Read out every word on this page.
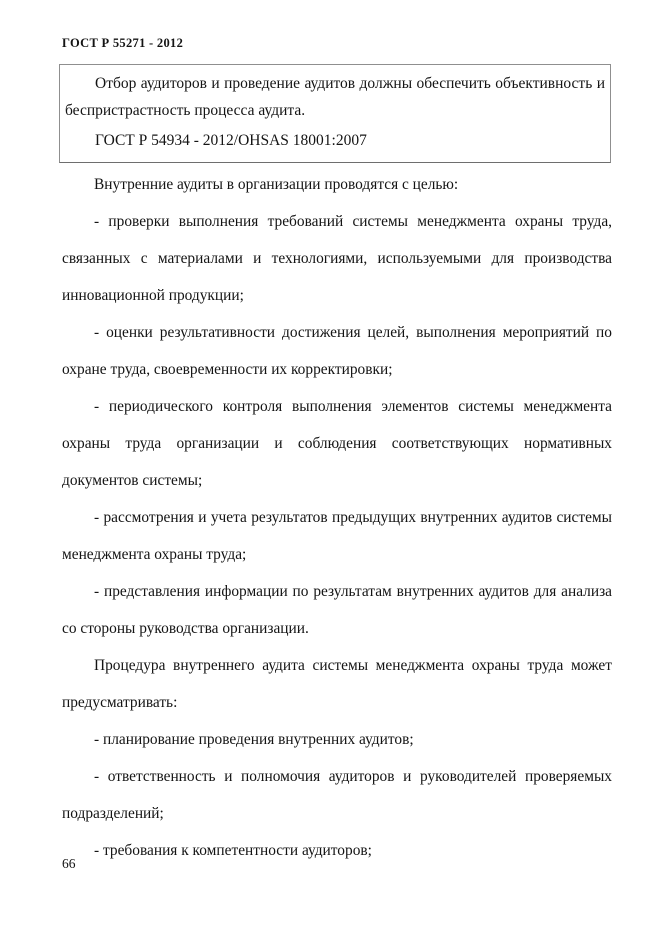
ГОСТ Р 55271 - 2012

Отбор аудиторов и проведение аудитов должны обеспечить объективность и беспристрастность процесса аудита.

ГОСТ Р 54934 - 2012/OHSAS 18001:2007

Внутренние аудиты в организации проводятся с целью:

- проверки выполнения требований системы менеджмента охраны труда, связанных с материалами и технологиями, используемыми для производства инновационной продукции;

- оценки результативности достижения целей, выполнения мероприятий по охране труда, своевременности их корректировки;

- периодического контроля выполнения элементов системы менеджмента охраны труда организации и соблюдения соответствующих нормативных документов системы;

- рассмотрения и учета результатов предыдущих внутренних аудитов системы менеджмента охраны труда;

- представления информации по результатам внутренних аудитов для анализа со стороны руководства организации.

Процедура внутреннего аудита системы менеджмента охраны труда может предусматривать:

- планирование проведения внутренних аудитов;

- ответственность и полномочия аудиторов и руководителей проверяемых подразделений;

- требования к компетентности аудиторов;

66
